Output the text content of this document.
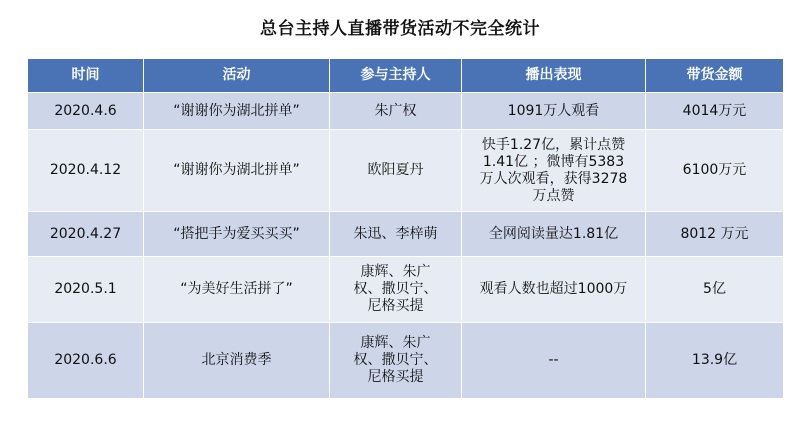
总台主持人直播带货活动不完全统计
时间	活动	参与主持人	播出表现	带货金额
2020.4.6	“谢谢你为湖北拼单”	朱广权	1091万人观看	4014万元
2020.4.12	“谢谢你为湖北拼单”	欧阳夏丹	快手1.27亿，累计点赞1.41亿 ；微博有5383万人次观看，获得3278万点赞	6100万元
2020.4.27	“搭把手为爱买买买”	朱迅、李梓萌	全网阅读量达1.81亿	8012 万元
2020.5.1	“为美好生活拼了”	康辉、朱广权、撒贝宁、尼格买提	观看人数也超过1000万	5亿
2020.6.6	北京消费季	康辉、朱广权、撒贝宁、尼格买提	--	13.9亿
